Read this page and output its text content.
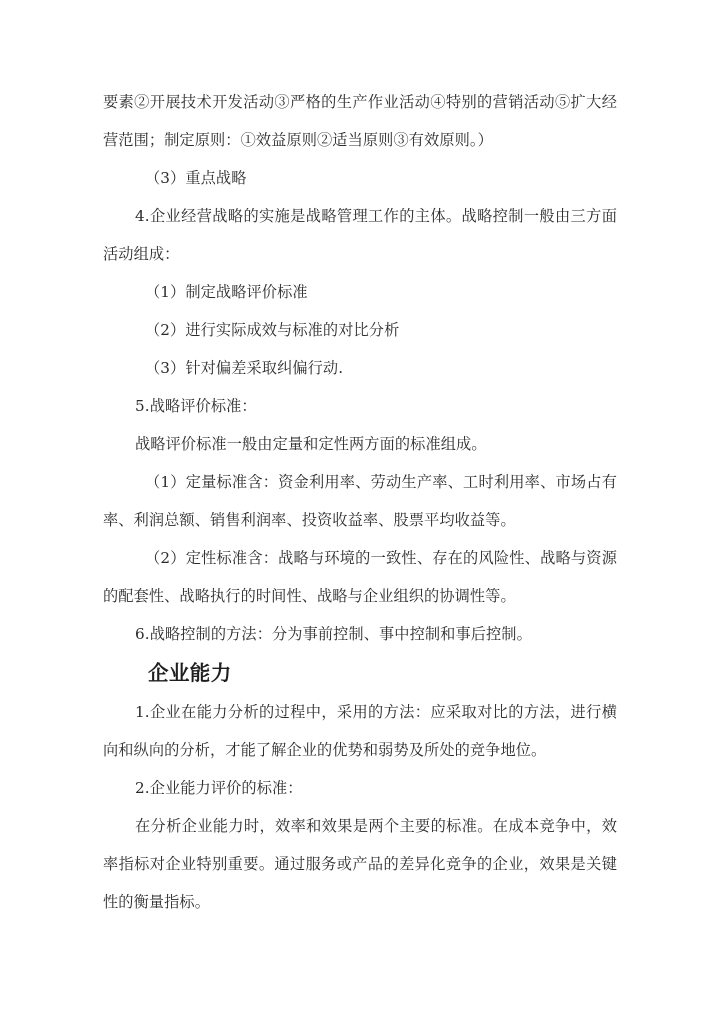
要素②开展技术开发活动③严格的生产作业活动④特别的营销活动⑤扩大经营范围；制定原则：①效益原则②适当原则③有效原则。）

（3）重点战略

4.企业经营战略的实施是战略管理工作的主体。战略控制一般由三方面活动组成：

（1）制定战略评价标准

（2）进行实际成效与标准的对比分析

（3）针对偏差采取纠偏行动.

5.战略评价标准：

战略评价标准一般由定量和定性两方面的标准组成。

（1）定量标准含：资金利用率、劳动生产率、工时利用率、市场占有率、利润总额、销售利润率、投资收益率、股票平均收益等。

（2）定性标准含：战略与环境的一致性、存在的风险性、战略与资源的配套性、战略执行的时间性、战略与企业组织的协调性等。

6.战略控制的方法：分为事前控制、事中控制和事后控制。

企业能力

1.企业在能力分析的过程中，采用的方法：应采取对比的方法，进行横向和纵向的分析，才能了解企业的优势和弱势及所处的竞争地位。

2.企业能力评价的标准：

在分析企业能力时，效率和效果是两个主要的标准。在成本竞争中，效率指标对企业特别重要。通过服务或产品的差异化竞争的企业，效果是关键性的衡量指标。
